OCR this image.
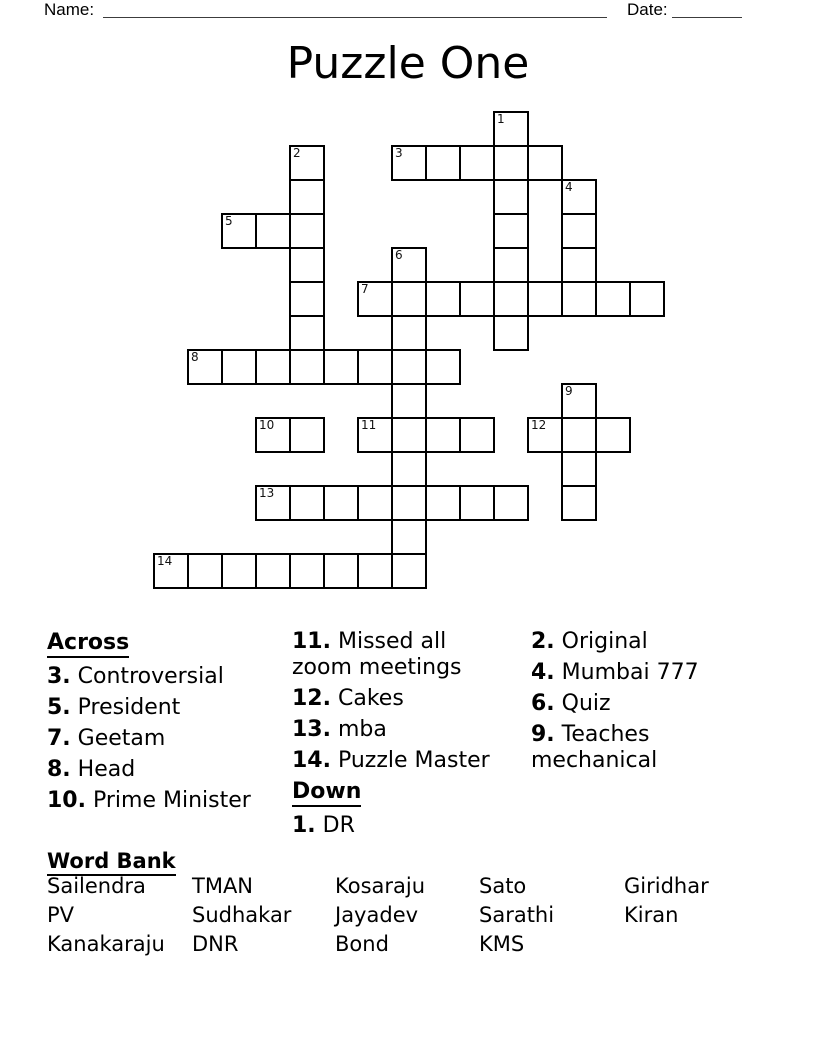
Name:	Date:
Puzzle One
1
2	3
4
5
6
7
8
9
10	11	12
13
14
Across

3. Controversial

5. President

7. Geetam

8. Head

10. Prime Minister

11. Missed all zoom meetings

12. Cakes

13. mba

14. Puzzle Master

Down

1. DR

2. Original

4. Mumbai 777

6. Quiz

9. Teaches mechanical

Word Bank
Sailendra	TMAN	Kosaraju	Sato	Giridhar
PV	Sudhakar	Jayadev	Sarathi	Kiran
Kanakaraju	DNR	Bond	KMS
